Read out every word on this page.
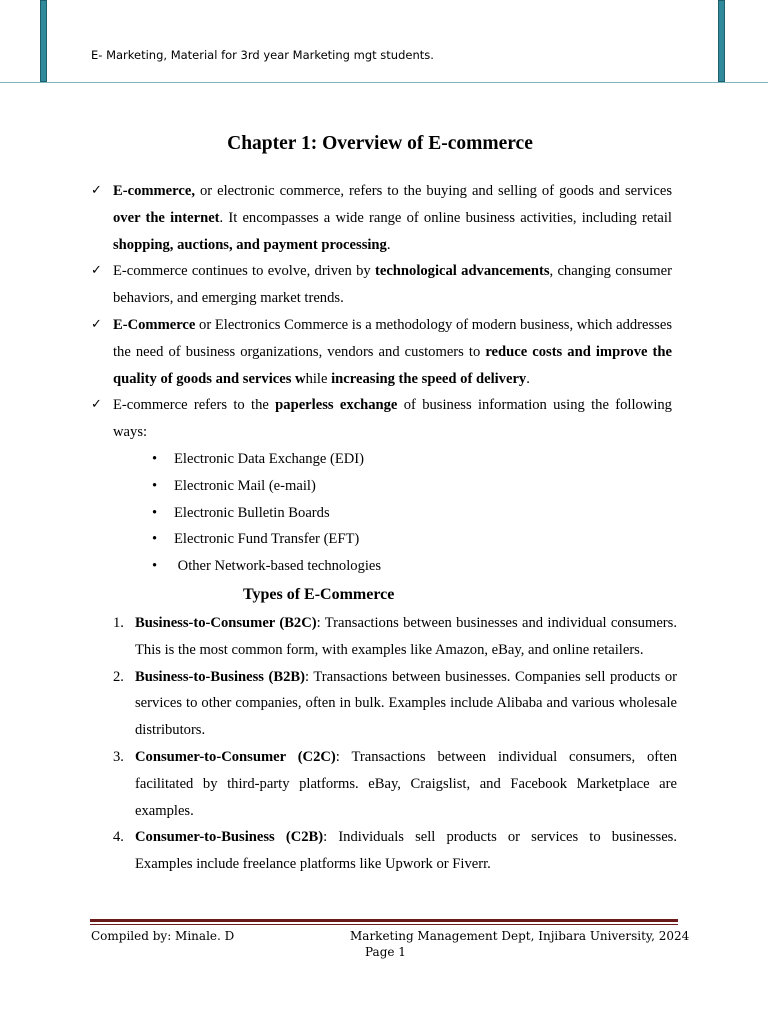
E- Marketing, Material for 3rd year Marketing mgt students.
Chapter 1: Overview of E-commerce
✓ E-commerce, or electronic commerce, refers to the buying and selling of goods and services over the internet. It encompasses a wide range of online business activities, including retail shopping, auctions, and payment processing.
✓ E-commerce continues to evolve, driven by technological advancements, changing consumer behaviors, and emerging market trends.
✓ E-Commerce or Electronics Commerce is a methodology of modern business, which addresses the need of business organizations, vendors and customers to reduce costs and improve the quality of goods and services while increasing the speed of delivery.
✓ E-commerce refers to the paperless exchange of business information using the following ways:
• Electronic Data Exchange (EDI)
• Electronic Mail (e-mail)
• Electronic Bulletin Boards
• Electronic Fund Transfer (EFT)
• Other Network-based technologies
Types of E-Commerce
1. Business-to-Consumer (B2C): Transactions between businesses and individual consumers. This is the most common form, with examples like Amazon, eBay, and online retailers.
2. Business-to-Business (B2B): Transactions between businesses. Companies sell products or services to other companies, often in bulk. Examples include Alibaba and various wholesale distributors.
3. Consumer-to-Consumer (C2C): Transactions between individual consumers, often facilitated by third-party platforms. eBay, Craigslist, and Facebook Marketplace are examples.
4. Consumer-to-Business (C2B): Individuals sell products or services to businesses. Examples include freelance platforms like Upwork or Fiverr.
Compiled by: Minale. D	Marketing Management Dept, Injibara University, 2024
Page 1
